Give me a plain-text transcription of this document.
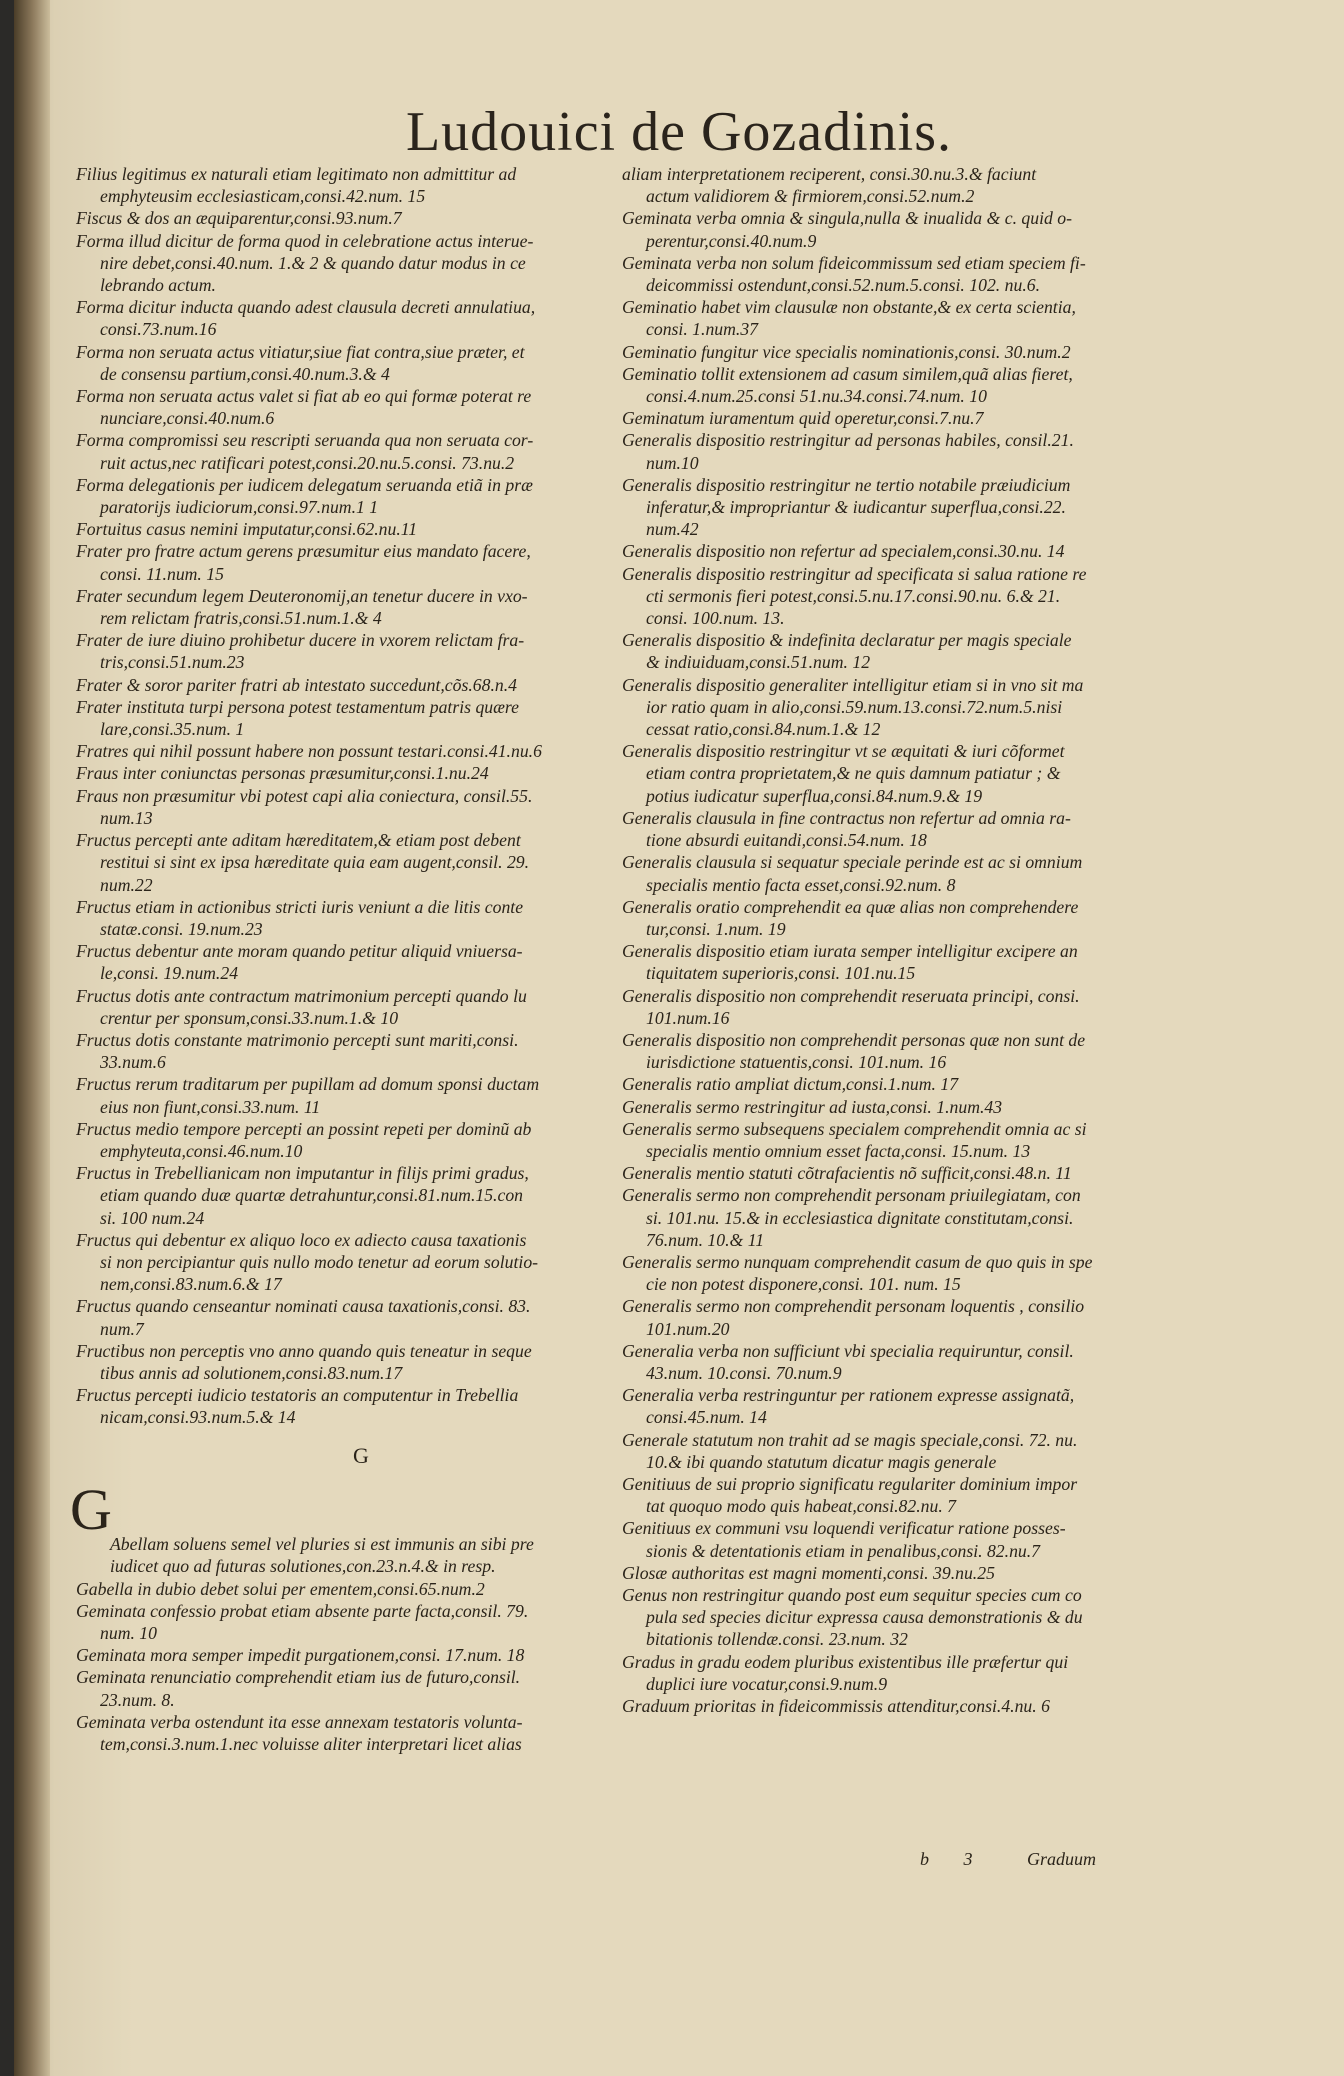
Ludouici de Gozadinis.
Filius legitimus ex naturali etiam legitimato non admittitur ad
emphyteusim ecclesiasticam,consi.42.num. 15
Fiscus & dos an æquiparentur,consi.93.num.7
Forma illud dicitur de forma quod in celebratione actus interue-
nire debet,consi.40.num. 1.& 2 & quando datur modus in ce
lebrando actum.
Forma dicitur inducta quando adest clausula decreti annulatiua,
consi.73.num.16
Forma non seruata actus vitiatur,siue fiat contra,siue præter, et
de consensu partium,consi.40.num.3.& 4
Forma non seruata actus valet si fiat ab eo qui formæ poterat re
nunciare,consi.40.num.6
Forma compromissi seu rescripti seruanda qua non seruata cor-
ruit actus,nec ratificari potest,consi.20.nu.5.consi. 73.nu.2
Forma delegationis per iudicem delegatum seruanda etiã in præ
paratorijs iudiciorum,consi.97.num.1 1
Fortuitus casus nemini imputatur,consi.62.nu.11
Frater pro fratre actum gerens præsumitur eius mandato facere,
consi. 11.num. 15
Frater secundum legem Deuteronomij,an tenetur ducere in vxo-
rem relictam fratris,consi.51.num.1.& 4
Frater de iure diuino prohibetur ducere in vxorem relictam fra-
tris,consi.51.num.23
Frater & soror pariter fratri ab intestato succedunt,cõs.68.n.4
Frater instituta turpi persona potest testamentum patris quære
lare,consi.35.num. 1
Fratres qui nihil possunt habere non possunt testari.consi.41.nu.6
Fraus inter coniunctas personas præsumitur,consi.1.nu.24
Fraus non præsumitur vbi potest capi alia coniectura, consil.55.
num.13
Fructus percepti ante aditam hæreditatem,& etiam post debent
restitui si sint ex ipsa hæreditate quia eam augent,consil. 29.
num.22
Fructus etiam in actionibus stricti iuris veniunt a die litis conte
statæ.consi. 19.num.23
Fructus debentur ante moram quando petitur aliquid vniuersa-
le,consi. 19.num.24
Fructus dotis ante contractum matrimonium percepti quando lu
crentur per sponsum,consi.33.num.1.& 10
Fructus dotis constante matrimonio percepti sunt mariti,consi.
33.num.6
Fructus rerum traditarum per pupillam ad domum sponsi ductam
eius non fiunt,consi.33.num. 11
Fructus medio tempore percepti an possint repeti per dominũ ab
emphyteuta,consi.46.num.10
Fructus in Trebellianicam non imputantur in filijs primi gradus,
etiam quando duæ quartæ detrahuntur,consi.81.num.15.con
si. 100 num.24
Fructus qui debentur ex aliquo loco ex adiecto causa taxationis
si non percipiantur quis nullo modo tenetur ad eorum solutio-
nem,consi.83.num.6.& 17
Fructus quando censeantur nominati causa taxationis,consi. 83.
num.7
Fructibus non perceptis vno anno quando quis teneatur in seque
tibus annis ad solutionem,consi.83.num.17
Fructus percepti iudicio testatoris an computentur in Trebellia
nicam,consi.93.num.5.& 14
G

G

Abellam soluens semel vel pluries si est immunis an sibi pre
iudicet quo ad futuras solutiones,con.23.n.4.& in resp.

Gabella in dubio debet solui per ementem,consi.65.num.2
Geminata confessio probat etiam absente parte facta,consil. 79.
num. 10
Geminata mora semper impedit purgationem,consi. 17.num. 18
Geminata renunciatio comprehendit etiam ius de futuro,consil.
23.num. 8.
Geminata verba ostendunt ita esse annexam testatoris volunta-
tem,consi.3.num.1.nec voluisse aliter interpretari licet alias
aliam interpretationem reciperent, consi.30.nu.3.& faciunt
actum validiorem & firmiorem,consi.52.num.2
Geminata verba omnia & singula,nulla & inualida & c. quid o-
perentur,consi.40.num.9
Geminata verba non solum fideicommissum sed etiam speciem fi-
deicommissi ostendunt,consi.52.num.5.consi. 102. nu.6.
Geminatio habet vim clausulæ non obstante,& ex certa scientia,
consi. 1.num.37
Geminatio fungitur vice specialis nominationis,consi. 30.num.2
Geminatio tollit extensionem ad casum similem,quã alias fieret,
consi.4.num.25.consi 51.nu.34.consi.74.num. 10
Geminatum iuramentum quid operetur,consi.7.nu.7
Generalis dispositio restringitur ad personas habiles, consil.21.
num.10
Generalis dispositio restringitur ne tertio notabile præiudicium
inferatur,& impropriantur & iudicantur superflua,consi.22.
num.42
Generalis dispositio non refertur ad specialem,consi.30.nu. 14
Generalis dispositio restringitur ad specificata si salua ratione re
cti sermonis fieri potest,consi.5.nu.17.consi.90.nu. 6.& 21.
consi. 100.num. 13.
Generalis dispositio & indefinita declaratur per magis speciale
& indiuiduam,consi.51.num. 12
Generalis dispositio generaliter intelligitur etiam si in vno sit ma
ior ratio quam in alio,consi.59.num.13.consi.72.num.5.nisi
cessat ratio,consi.84.num.1.& 12
Generalis dispositio restringitur vt se æquitati & iuri cõformet
etiam contra proprietatem,& ne quis damnum patiatur ; &
potius iudicatur superflua,consi.84.num.9.& 19
Generalis clausula in fine contractus non refertur ad omnia ra-
tione absurdi euitandi,consi.54.num. 18
Generalis clausula si sequatur speciale perinde est ac si omnium
specialis mentio facta esset,consi.92.num. 8
Generalis oratio comprehendit ea quæ alias non comprehendere
tur,consi. 1.num. 19
Generalis dispositio etiam iurata semper intelligitur excipere an
tiquitatem superioris,consi. 101.nu.15
Generalis dispositio non comprehendit reseruata principi, consi.
101.num.16
Generalis dispositio non comprehendit personas quæ non sunt de
iurisdictione statuentis,consi. 101.num. 16
Generalis ratio ampliat dictum,consi.1.num. 17
Generalis sermo restringitur ad iusta,consi. 1.num.43
Generalis sermo subsequens specialem comprehendit omnia ac si
specialis mentio omnium esset facta,consi. 15.num. 13
Generalis mentio statuti cõtrafacientis nõ sufficit,consi.48.n. 11
Generalis sermo non comprehendit personam priuilegiatam, con
si. 101.nu. 15.& in ecclesiastica dignitate constitutam,consi.
76.num. 10.& 11
Generalis sermo nunquam comprehendit casum de quo quis in spe
cie non potest disponere,consi. 101. num. 15
Generalis sermo non comprehendit personam loquentis , consilio
101.num.20
Generalia verba non sufficiunt vbi specialia requiruntur, consil.
43.num. 10.consi. 70.num.9
Generalia verba restringuntur per rationem expresse assignatã,
consi.45.num. 14
Generale statutum non trahit ad se magis speciale,consi. 72. nu.
10.& ibi quando statutum dicatur magis generale
Genitiuus de sui proprio significatu regulariter dominium impor
tat quoquo modo quis habeat,consi.82.nu. 7
Genitiuus ex communi vsu loquendi verificatur ratione posses-
sionis & detentationis etiam in penalibus,consi. 82.nu.7
Glosæ authoritas est magni momenti,consi. 39.nu.25
Genus non restringitur quando post eum sequitur species cum co
pula sed species dicitur expressa causa demonstrationis & du
bitationis tollendæ.consi. 23.num. 32
Gradus in gradu eodem pluribus existentibus ille præfertur qui
duplici iure vocatur,consi.9.num.9
Graduum prioritas in fideicommissis attenditur,consi.4.nu. 6
b 3	Graduum
